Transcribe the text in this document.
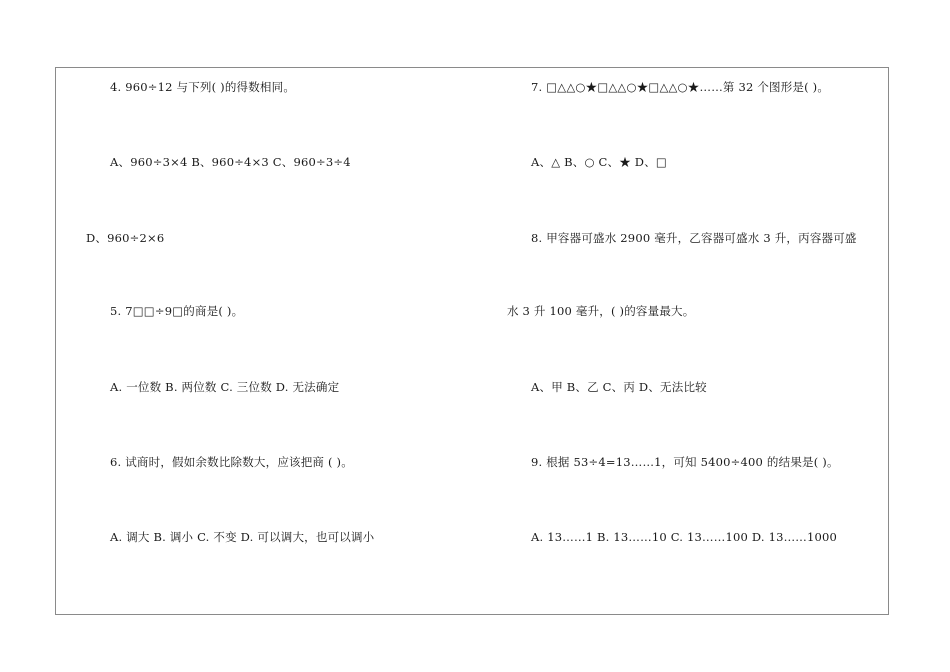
4. 960÷12 与下列( )的得数相同。
A、960÷3×4 B、960÷4×3 C、960÷3÷4
D、960÷2×6
5. 7□□÷9□的商是( )。
A. 一位数 B. 两位数 C. 三位数 D. 无法确定
6. 试商时，假如余数比除数大，应该把商 ( )。
A. 调大 B. 调小 C. 不变 D. 可以调大，也可以调小
7. □△△○★□△△○★□△△○★……第 32 个图形是( )。
A、△ B、○ C、★ D、□
8. 甲容器可盛水 2900 毫升，乙容器可盛水 3 升，丙容器可盛
水 3 升 100 毫升，( )的容量最大。
A、甲 B、乙 C、丙 D、无法比较
9. 根据 53÷4=13……1，可知 5400÷400 的结果是( )。
A. 13……1 B. 13……10 C. 13……100 D. 13……1000
